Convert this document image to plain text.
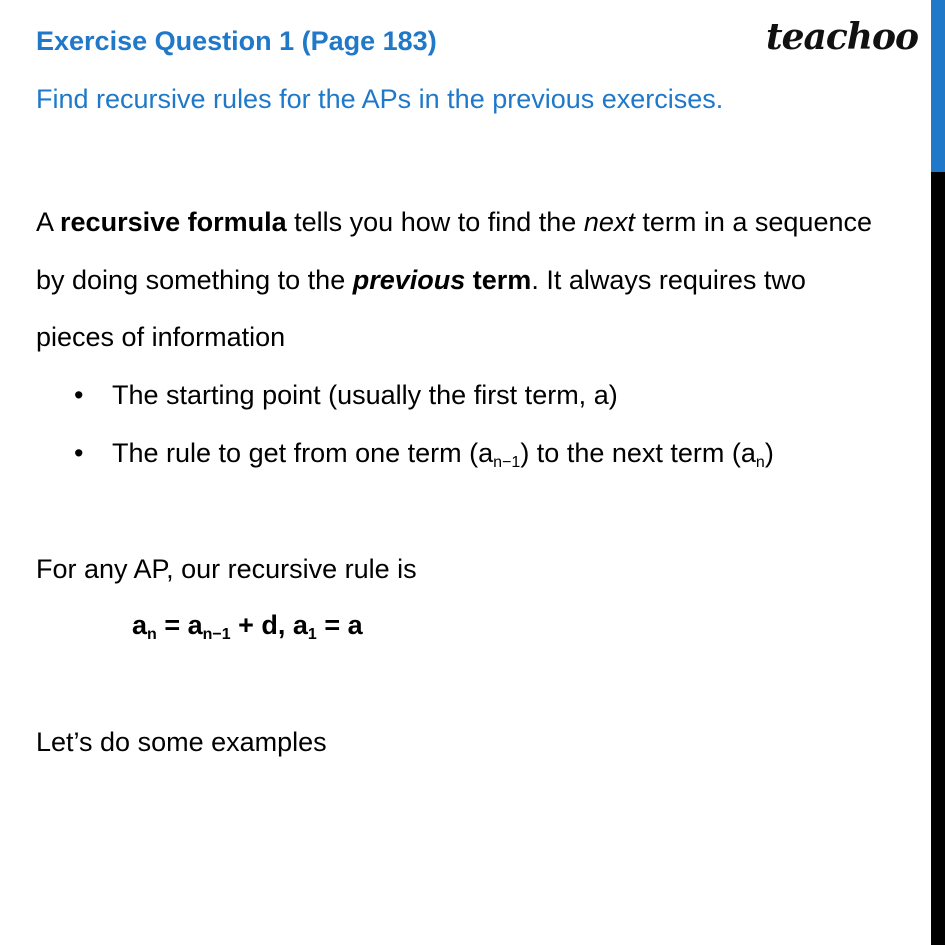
Exercise Question 1 (Page 183)	teachoo
Find recursive rules for the APs in the previous exercises.
A recursive formula tells you how to find the next term in a sequence
by doing something to the previous term. It always requires two
pieces of information
• The starting point (usually the first term, a)
• The rule to get from one term $(a_{n-1})$ to the next term $(a_n)$
For any AP, our recursive rule is
$a_n = a_{n-1} + d$, $a_1 = a$
Let’s do some examples
